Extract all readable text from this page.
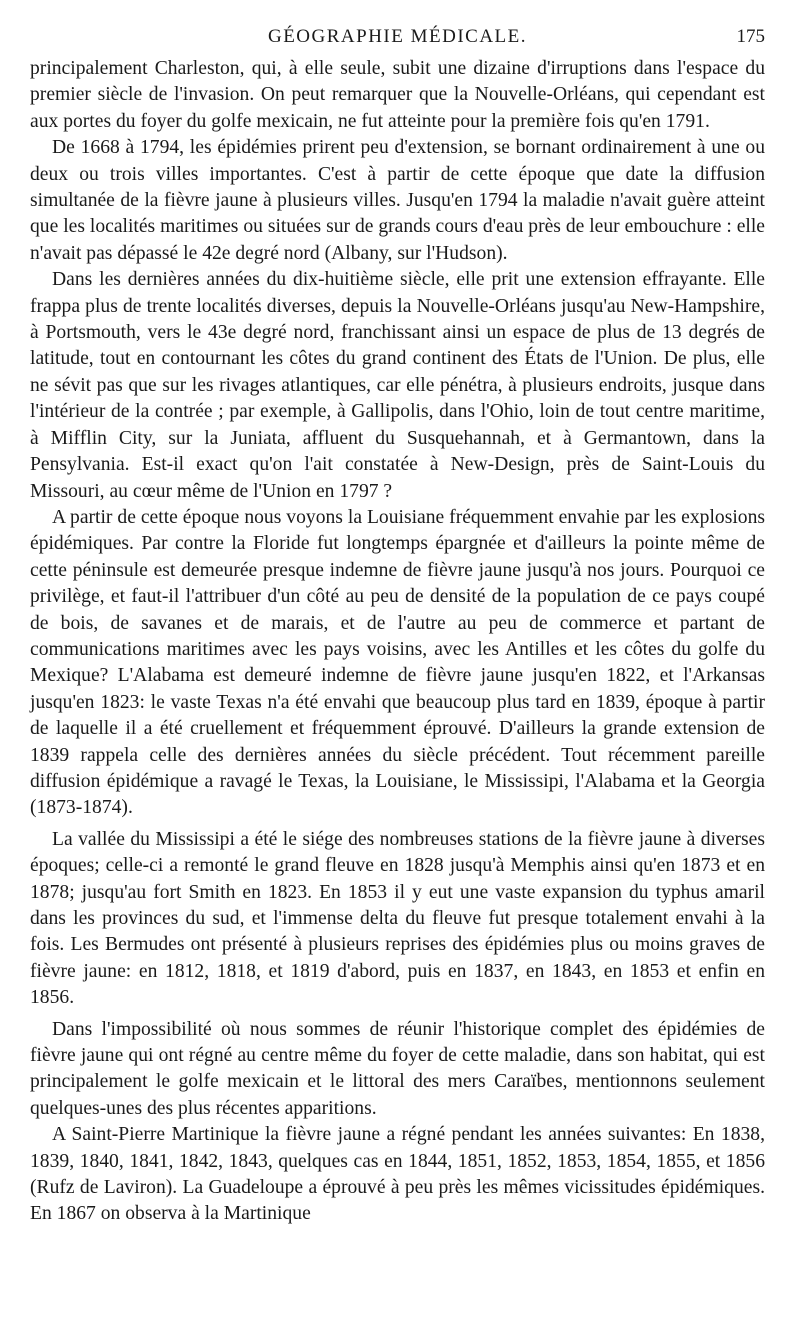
GÉOGRAPHIE MÉDICALE.	175

principalement Charleston, qui, à elle seule, subit une dizaine d'irruptions dans l'espace du premier siècle de l'invasion. On peut remarquer que la Nouvelle-Orléans, qui cependant est aux portes du foyer du golfe mexicain, ne fut atteinte pour la première fois qu'en 1791.

De 1668 à 1794, les épidémies prirent peu d'extension, se bornant ordinairement à une ou deux ou trois villes importantes. C'est à partir de cette époque que date la diffusion simultanée de la fièvre jaune à plusieurs villes. Jusqu'en 1794 la maladie n'avait guère atteint que les localités maritimes ou situées sur de grands cours d'eau près de leur embouchure : elle n'avait pas dépassé le 42e degré nord (Albany, sur l'Hudson).

Dans les dernières années du dix-huitième siècle, elle prit une extension effrayante. Elle frappa plus de trente localités diverses, depuis la Nouvelle-Orléans jusqu'au New-Hampshire, à Portsmouth, vers le 43e degré nord, franchissant ainsi un espace de plus de 13 degrés de latitude, tout en contournant les côtes du grand continent des États de l'Union. De plus, elle ne sévit pas que sur les rivages atlantiques, car elle pénétra, à plusieurs endroits, jusque dans l'intérieur de la contrée ; par exemple, à Gallipolis, dans l'Ohio, loin de tout centre maritime, à Mifflin City, sur la Juniata, affluent du Susquehannah, et à Germantown, dans la Pensylvania. Est-il exact qu'on l'ait constatée à New-Design, près de Saint-Louis du Missouri, au cœur même de l'Union en 1797 ?

A partir de cette époque nous voyons la Louisiane fréquemment envahie par les explosions épidémiques. Par contre la Floride fut longtemps épargnée et d'ailleurs la pointe même de cette péninsule est demeurée presque indemne de fièvre jaune jusqu'à nos jours. Pourquoi ce privilège, et faut-il l'attribuer d'un côté au peu de densité de la population de ce pays coupé de bois, de savanes et de marais, et de l'autre au peu de commerce et partant de communications maritimes avec les pays voisins, avec les Antilles et les côtes du golfe du Mexique? L'Alabama est demeuré indemne de fièvre jaune jusqu'en 1822, et l'Arkansas jusqu'en 1823: le vaste Texas n'a été envahi que beaucoup plus tard en 1839, époque à partir de laquelle il a été cruellement et fréquemment éprouvé. D'ailleurs la grande extension de 1839 rappela celle des dernières années du siècle précédent. Tout récemment pareille diffusion épidémique a ravagé le Texas, la Louisiane, le Mississipi, l'Alabama et la Georgia (1873-1874).

La vallée du Mississipi a été le siége des nombreuses stations de la fièvre jaune à diverses époques; celle-ci a remonté le grand fleuve en 1828 jusqu'à Memphis ainsi qu'en 1873 et en 1878; jusqu'au fort Smith en 1823. En 1853 il y eut une vaste expansion du typhus amaril dans les provinces du sud, et l'immense delta du fleuve fut presque totalement envahi à la fois. Les Bermudes ont présenté à plusieurs reprises des épidémies plus ou moins graves de fièvre jaune: en 1812, 1818, et 1819 d'abord, puis en 1837, en 1843, en 1853 et enfin en 1856.

Dans l'impossibilité où nous sommes de réunir l'historique complet des épidémies de fièvre jaune qui ont régné au centre même du foyer de cette maladie, dans son habitat, qui est principalement le golfe mexicain et le littoral des mers Caraïbes, mentionnons seulement quelques-unes des plus récentes apparitions.

A Saint-Pierre Martinique la fièvre jaune a régné pendant les années suivantes: En 1838, 1839, 1840, 1841, 1842, 1843, quelques cas en 1844, 1851, 1852, 1853, 1854, 1855, et 1856 (Rufz de Laviron). La Guadeloupe a éprouvé à peu près les mêmes vicissitudes épidémiques. En 1867 on observa à la Martinique
